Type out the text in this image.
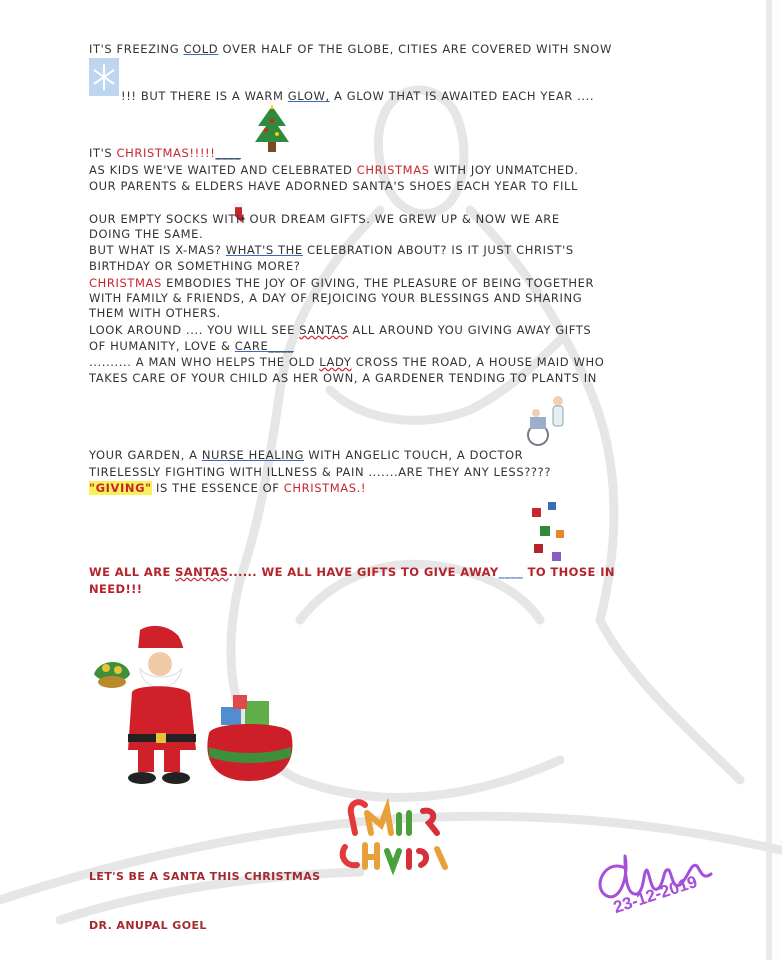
IT'S FREEZING COLD OVER HALF OF THE GLOBE, CITIES ARE COVERED WITH SNOW

!!! BUT THERE IS A WARM GLOW, A GLOW THAT IS AWAITED EACH YEAR ....

IT'S CHRISTMAS!!!!!____

AS KIDS WE'VE WAITED AND CELEBRATED CHRISTMAS WITH JOY UNMATCHED.

OUR PARENTS & ELDERS HAVE ADORNED SANTA'S SHOES EACH YEAR TO FILL

OUR EMPTY SOCKS WITH OUR DREAM GIFTS. WE GREW UP & NOW WE ARE

DOING THE SAME.

BUT WHAT IS X-MAS? WHAT'S THE CELEBRATION ABOUT? IS IT JUST CHRIST'S

BIRTHDAY OR SOMETHING MORE?

CHRISTMAS EMBODIES THE JOY OF GIVING, THE PLEASURE OF BEING TOGETHER

WITH FAMILY & FRIENDS, A DAY OF REJOICING YOUR BLESSINGS AND SHARING

THEM WITH OTHERS.

LOOK AROUND .... YOU WILL SEE SANTAS ALL AROUND YOU GIVING AWAY GIFTS

OF HUMANITY, LOVE & CARE____

.......... A MAN WHO HELPS THE OLD LADY CROSS THE ROAD, A HOUSE MAID WHO

TAKES CARE OF YOUR CHILD AS HER OWN, A GARDENER TENDING TO PLANTS IN

YOUR GARDEN, A NURSE HEALING WITH ANGELIC TOUCH, A DOCTOR

TIRELESSLY FIGHTING WITH ILLNESS & PAIN .......ARE THEY ANY LESS????

"GIVING" IS THE ESSENCE OF CHRISTMAS.!

WE ALL ARE SANTAS...... WE ALL HAVE GIFTS TO GIVE AWAY____ TO THOSE IN

NEED!!!

LET'S BE A SANTA THIS CHRISTMAS

DR. ANUPAL GOEL

23-12-2019
